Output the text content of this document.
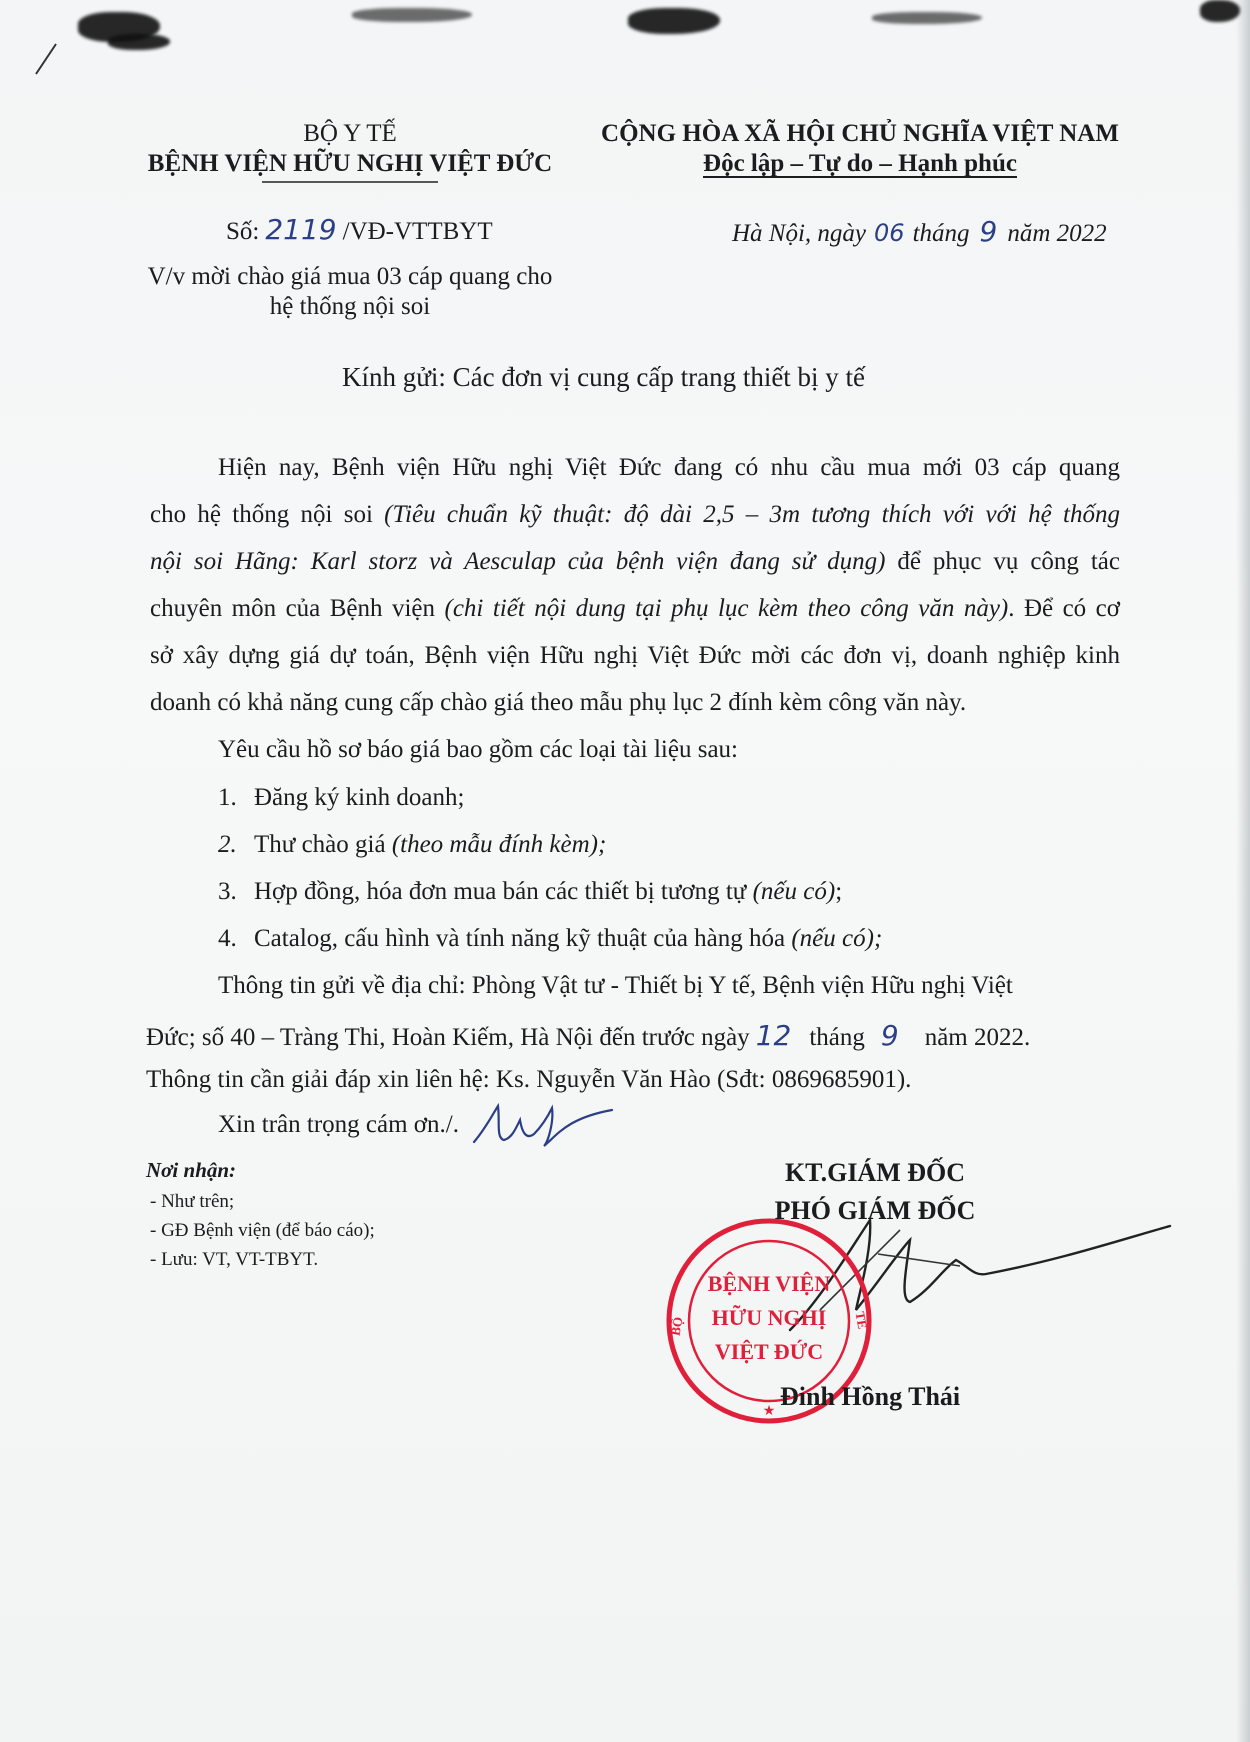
BỘ Y TẾ
BỆNH VIỆN HỮU NGHỊ VIỆT ĐỨC
CỘNG HÒA XÃ HỘI CHỦ NGHĨA VIỆT NAM
Độc lập – Tự do – Hạnh phúc
Số: 2119 /VĐ-VTTBYT	Hà Nội, ngày 06 tháng 9 năm 2022
V/v mời chào giá mua 03 cáp quang cho
hệ thống nội soi
Kính gửi: Các đơn vị cung cấp trang thiết bị y tế
Hiện nay, Bệnh viện Hữu nghị Việt Đức đang có nhu cầu mua mới 03 cáp quang
cho hệ thống nội soi (Tiêu chuẩn kỹ thuật: độ dài 2,5 – 3m tương thích với với hệ thống
nội soi Hãng: Karl storz và Aesculap của bệnh viện đang sử dụng) để phục vụ công tác
chuyên môn của Bệnh viện (chi tiết nội dung tại phụ lục kèm theo công văn này). Để có cơ
sở xây dựng giá dự toán, Bệnh viện Hữu nghị Việt Đức mời các đơn vị, doanh nghiệp kinh
doanh có khả năng cung cấp chào giá theo mẫu phụ lục 2 đính kèm công văn này.
Yêu cầu hồ sơ báo giá bao gồm các loại tài liệu sau:
1. Đăng ký kinh doanh;
2. Thư chào giá (theo mẫu đính kèm);
3. Hợp đồng, hóa đơn mua bán các thiết bị tương tự (nếu có);
4. Catalog, cấu hình và tính năng kỹ thuật của hàng hóa (nếu có);
Thông tin gửi về địa chỉ: Phòng Vật tư - Thiết bị Y tế, Bệnh viện Hữu nghị Việt
Đức; số 40 – Tràng Thi, Hoàn Kiếm, Hà Nội đến trước ngày 12 tháng 9 năm 2022.
Thông tin cần giải đáp xin liên hệ: Ks. Nguyễn Văn Hào (Sđt: 0869685901).
Xin trân trọng cám ơn./.
Nơi nhận:
- Như trên;
- GĐ Bệnh viện (để báo cáo);
- Lưu: VT, VT-TBYT.
KT.GIÁM ĐỐC
PHÓ GIÁM ĐỐC
BỆNH VIỆN
HỮU NGHỊ
VIỆT ĐỨC
BỘ	TẾ
★
Đinh Hồng Thái
